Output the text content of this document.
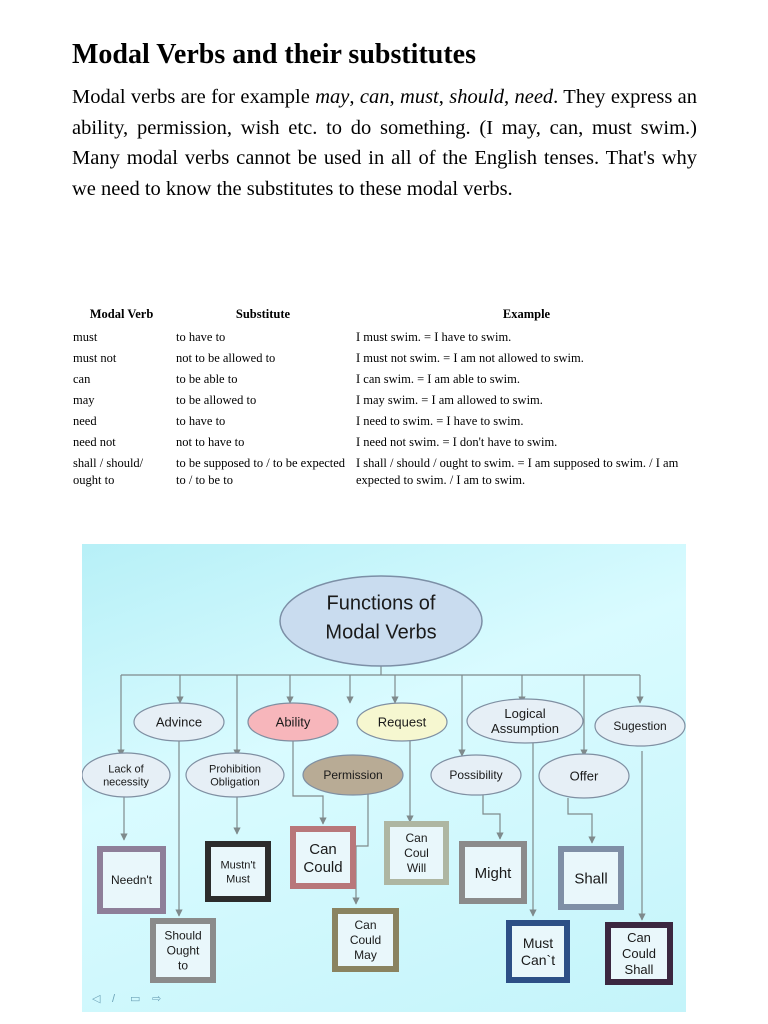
Modal Verbs and their substitutes

Modal verbs are for example may, can, must, should, need. They express an ability, permission, wish etc. to do something. (I may, can, must swim.) Many modal verbs cannot be used in all of the English tenses. That's why we need to know the substitutes to these modal verbs.

Modal Verb	Substitute	Example
must	to have to	I must swim. = I have to swim.
must not	not to be allowed to	I must not swim. = I am not allowed to swim.
can	to be able to	I can swim. = I am able to swim.
may	to be allowed to	I may swim. = I am allowed to swim.
need	to have to	I need to swim. = I have to swim.
need not	not to have to	I need not swim. = I don't have to swim.
shall / should/ ought to	to be supposed to / to be expected to / to be to	I shall / should / ought to swim. = I am supposed to swim. / I am expected to swim. / I am to swim.
Functions of Modal Verbs
Advince	Ability	Request
Logical Assumption	Sugestion
Lack of necessity
Prohibition Obligation
Permission	Possibility	Offer
Needn't
Should Ought to
Mustn't Must
Can Could
Can Could May
Can Coul Will	Might	Shall
Must Can`t
Can Could Shall
◁ / ▭ ⇨
